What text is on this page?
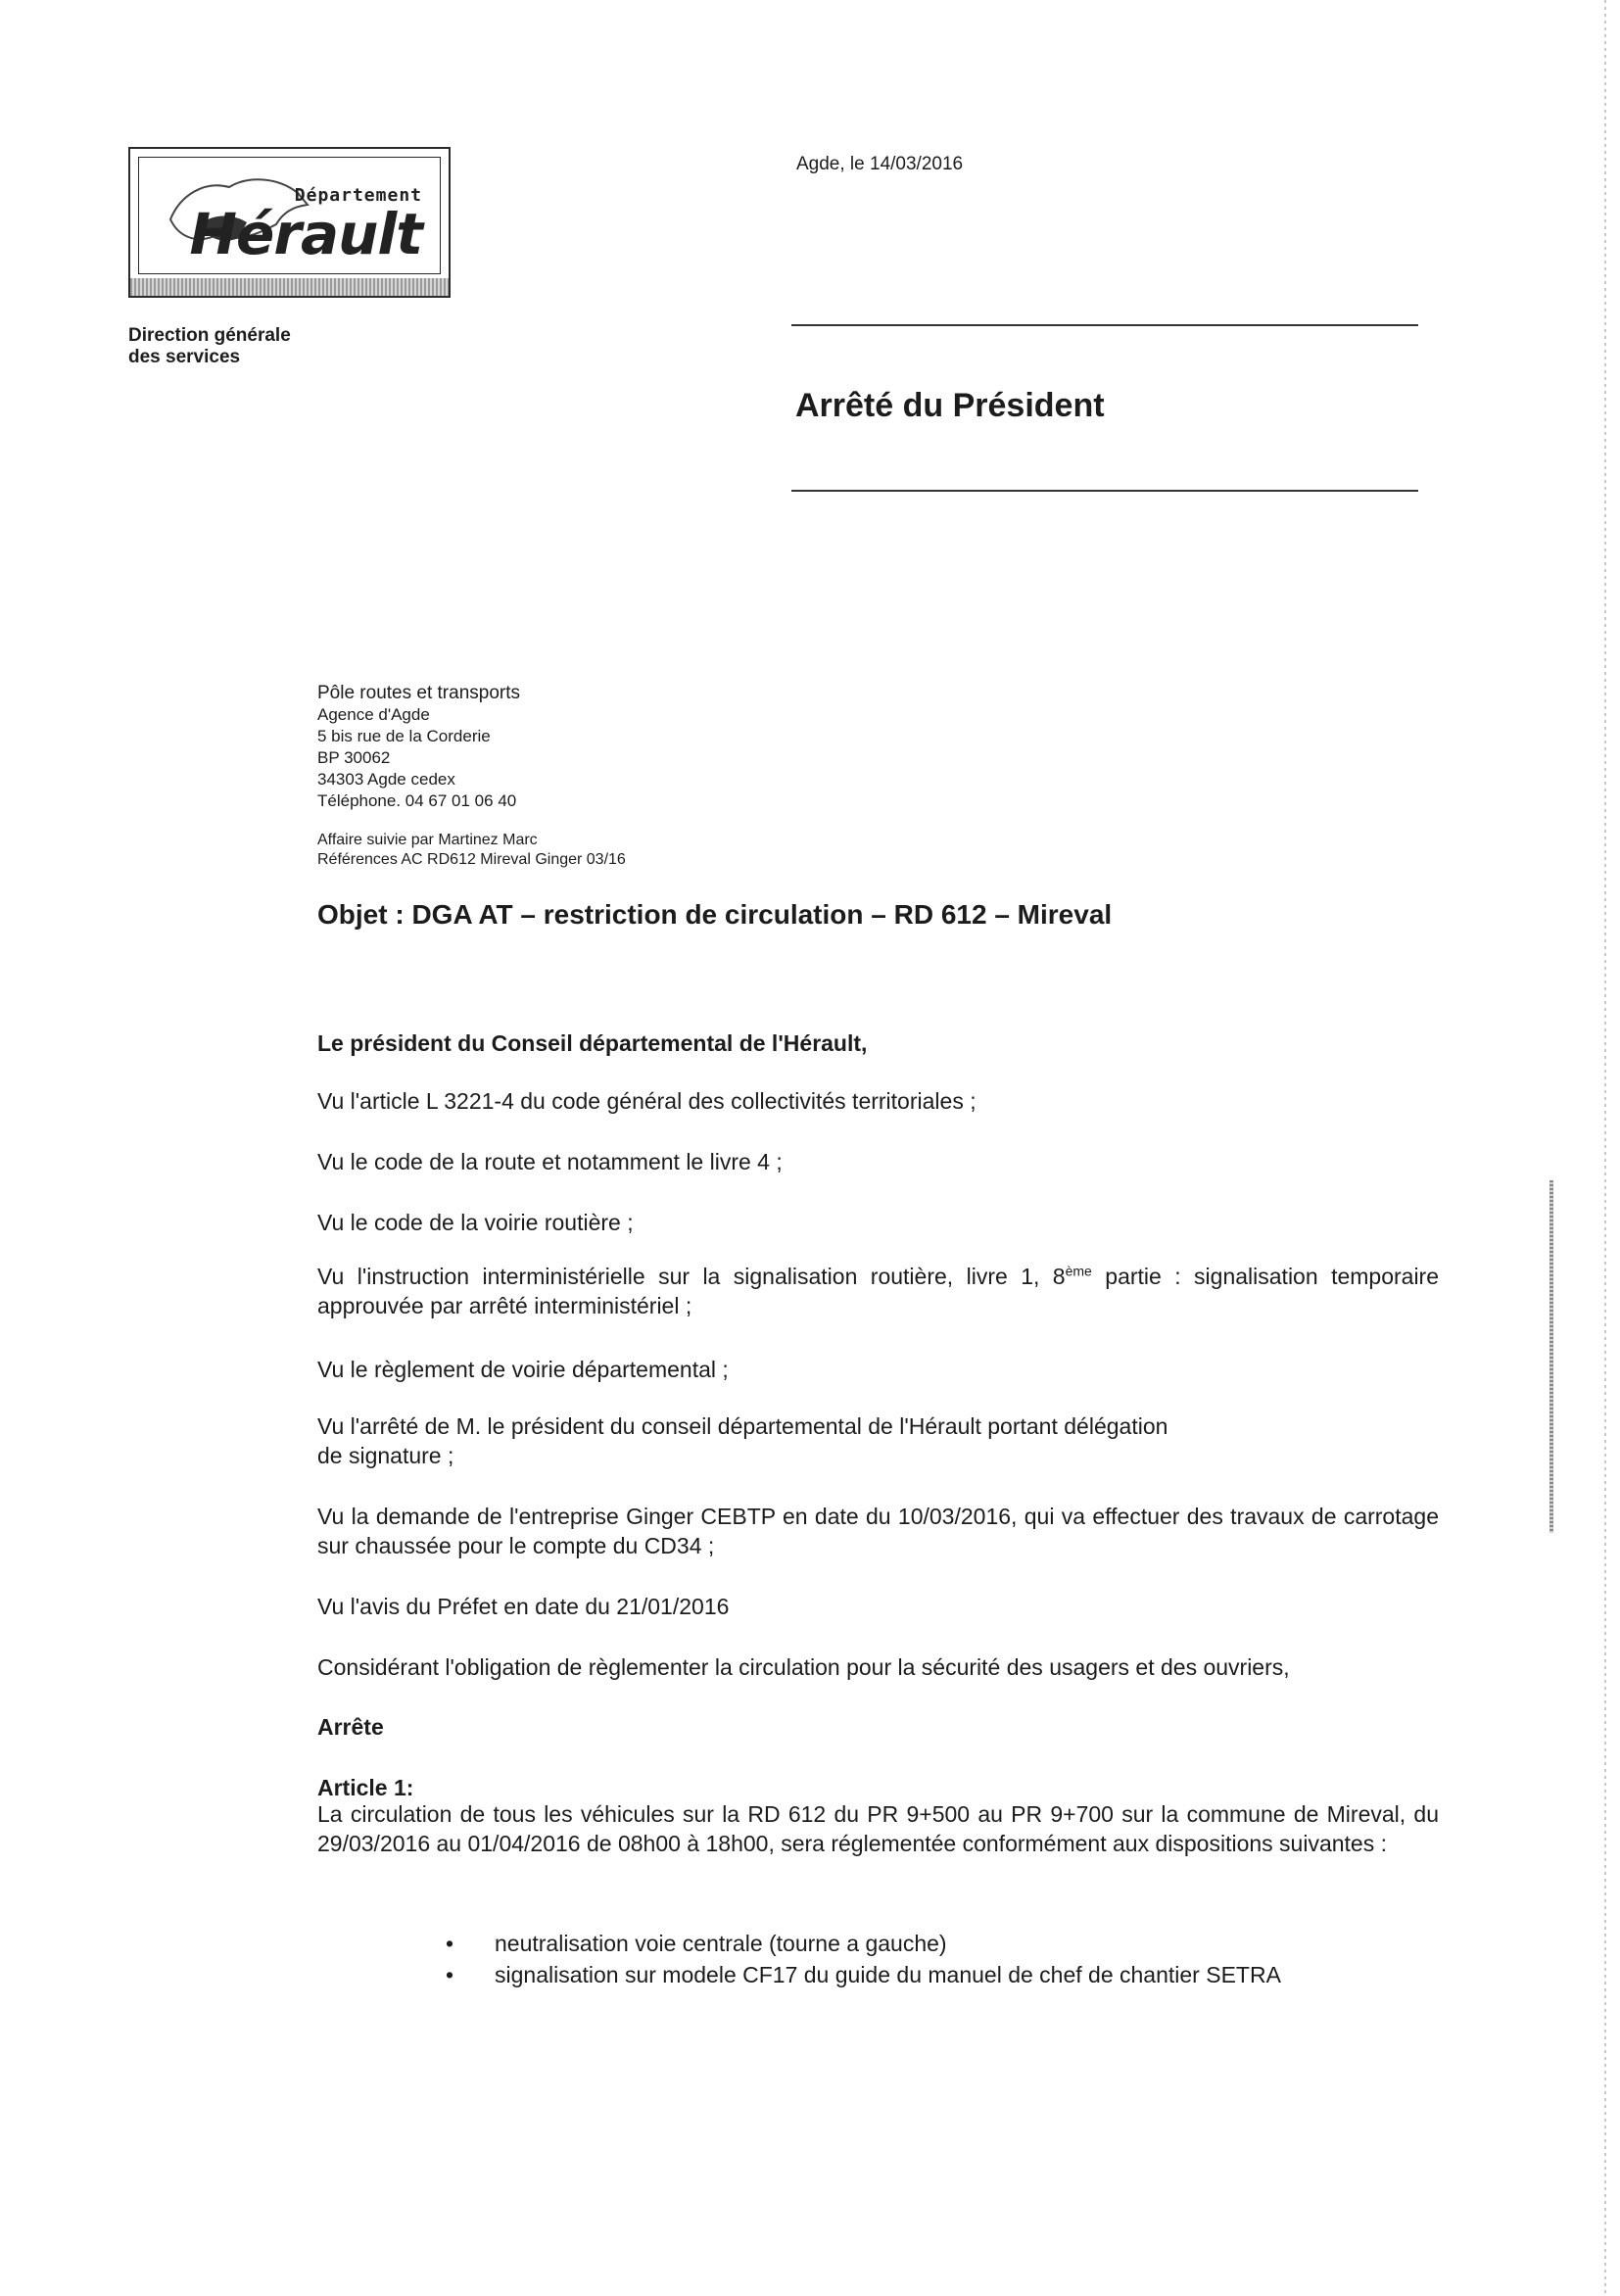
Département
Hérault
Direction générale
des services
Agde, le 14/03/2016
Arrêté du Président
Pôle routes et transports
Agence d'Agde
5 bis rue de la Corderie
BP 30062
34303 Agde cedex
Téléphone. 04 67 01 06 40
Affaire suivie par Martinez Marc
Références AC RD612 Mireval Ginger 03/16
Objet : DGA AT – restriction de circulation – RD 612 – Mireval
Le président du Conseil départemental de l'Hérault,
Vu l'article L 3221-4 du code général des collectivités territoriales ;
Vu le code de la route et notamment le livre 4 ;
Vu le code de la voirie routière ;
Vu l'instruction interministérielle sur la signalisation routière, livre 1, 8ème partie : signalisation temporaire approuvée par arrêté interministériel ;
Vu le règlement de voirie départemental ;
Vu l'arrêté de M. le président du conseil départemental de l'Hérault portant délégation
de signature ;
Vu la demande de l'entreprise Ginger CEBTP en date du 10/03/2016, qui va effectuer des travaux de carrotage sur chaussée pour le compte du CD34 ;
Vu l'avis du Préfet en date du 21/01/2016
Considérant l'obligation de règlementer la circulation pour la sécurité des usagers et des ouvriers,
Arrête
Article 1:
La circulation de tous les véhicules sur la RD 612 du PR 9+500 au PR 9+700 sur la commune de Mireval, du 29/03/2016 au 01/04/2016 de 08h00 à 18h00, sera réglementée conformément aux dispositions suivantes :
• neutralisation voie centrale (tourne a gauche)
• signalisation sur modele CF17 du guide du manuel de chef de chantier SETRA
